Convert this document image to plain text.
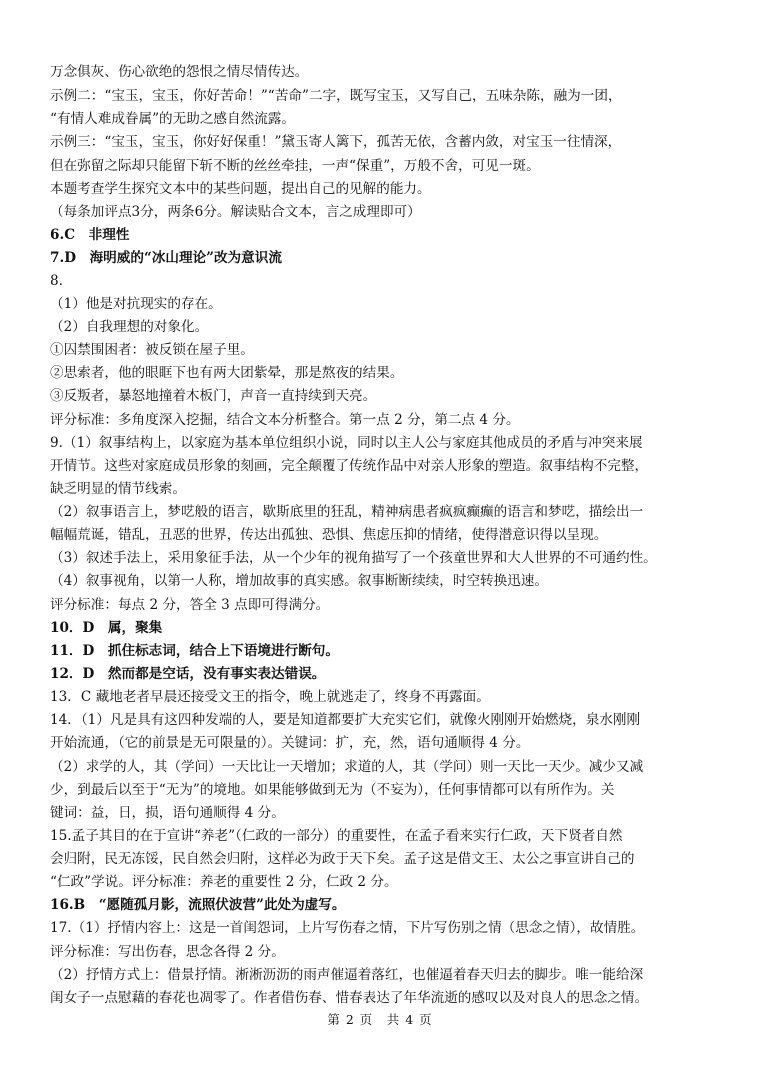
万念俱灰、伤心欲绝的怨恨之情尽情传达。
示例二：“宝玉，宝玉，你好苦命！”“苦命”二字，既写宝玉，又写自己，五味杂陈，融为一团，
“有情人难成眷属”的无助之感自然流露。
示例三：“宝玉，宝玉，你好好保重！”黛玉寄人篱下，孤苦无依，含蓄内敛，对宝玉一往情深，
但在弥留之际却只能留下斩不断的丝丝牵挂，一声“保重”，万般不舍，可见一斑。
本题考查学生探究文本中的某些问题，提出自己的见解的能力。
（每条加评点3分，两条6分。解读贴合文本，言之成理即可）
6.C　非理性
7.D　海明威的“冰山理论”改为意识流
8.
（1）他是对抗现实的存在。
（2）自我理想的对象化。
①囚禁围困者：被反锁在屋子里。
②思索者，他的眼眶下也有两大团紫晕，那是熬夜的结果。
③反叛者，暴怒地撞着木板门，声音一直持续到天亮。
评分标准：多角度深入挖掘，结合文本分析整合。第一点 2 分，第二点 4 分。
9.（1）叙事结构上，以家庭为基本单位组织小说，同时以主人公与家庭其他成员的矛盾与冲突来展
开情节。这些对家庭成员形象的刻画，完全颠覆了传统作品中对亲人形象的塑造。叙事结构不完整，
缺乏明显的情节线索。
（2）叙事语言上，梦呓般的语言，歇斯底里的狂乱，精神病患者疯疯癫癫的语言和梦呓，描绘出一
幅幅荒诞，错乱，丑恶的世界，传达出孤独、恐惧、焦虑压抑的情绪，使得潜意识得以呈现。
（3）叙述手法上，采用象征手法，从一个少年的视角描写了一个孩童世界和大人世界的不可通约性。
（4）叙事视角，以第一人称，增加故事的真实感。叙事断断续续，时空转换迅速。
评分标准：每点 2 分，答全 3 点即可得满分。
10．D　属，聚集
11．D　抓住标志词，结合上下语境进行断句。
12．D　然而都是空话，没有事实表达错误。
13．C 藏地老者早晨还接受文王的指令，晚上就逃走了，终身不再露面。
14．（1）凡是具有这四种发端的人，要是知道都要扩大充实它们，就像火刚刚开始燃烧，泉水刚刚
开始流通，（它的前景是无可限量的）。关键词：扩，充，然，语句通顺得 4 分。
（2）求学的人，其（学问）一天比让一天增加；求道的人，其（学问）则一天比一天少。减少又减
少，到最后以至于“无为”的境地。如果能够做到无为（不妄为），任何事情都可以有所作为。关
键词：益，日，损，语句通顺得 4 分。
15.孟子其目的在于宣讲“养老”（仁政的一部分）的重要性，在孟子看来实行仁政，天下贤者自然
会归附，民无冻馁，民自然会归附，这样必为政于天下矣。孟子这是借文王、太公之事宣讲自己的
“仁政”学说。评分标准：养老的重要性 2 分，仁政 2 分。
16.B　“愿随孤月影，流照伏波营”此处为虚写。
17.（1）抒情内容上：这是一首闺怨词，上片写伤春之情，下片写伤别之情（思念之情），故情胜。
评分标准：写出伤春，思念各得 2 分。
（2）抒情方式上：借景抒情。淅淅沥沥的雨声催逼着落红，也催逼着春天归去的脚步。唯一能给深
闺女子一点慰藉的春花也凋零了。作者借伤春、惜春表达了年华流逝的感叹以及对良人的思念之情。
第 2 页　共 4 页
